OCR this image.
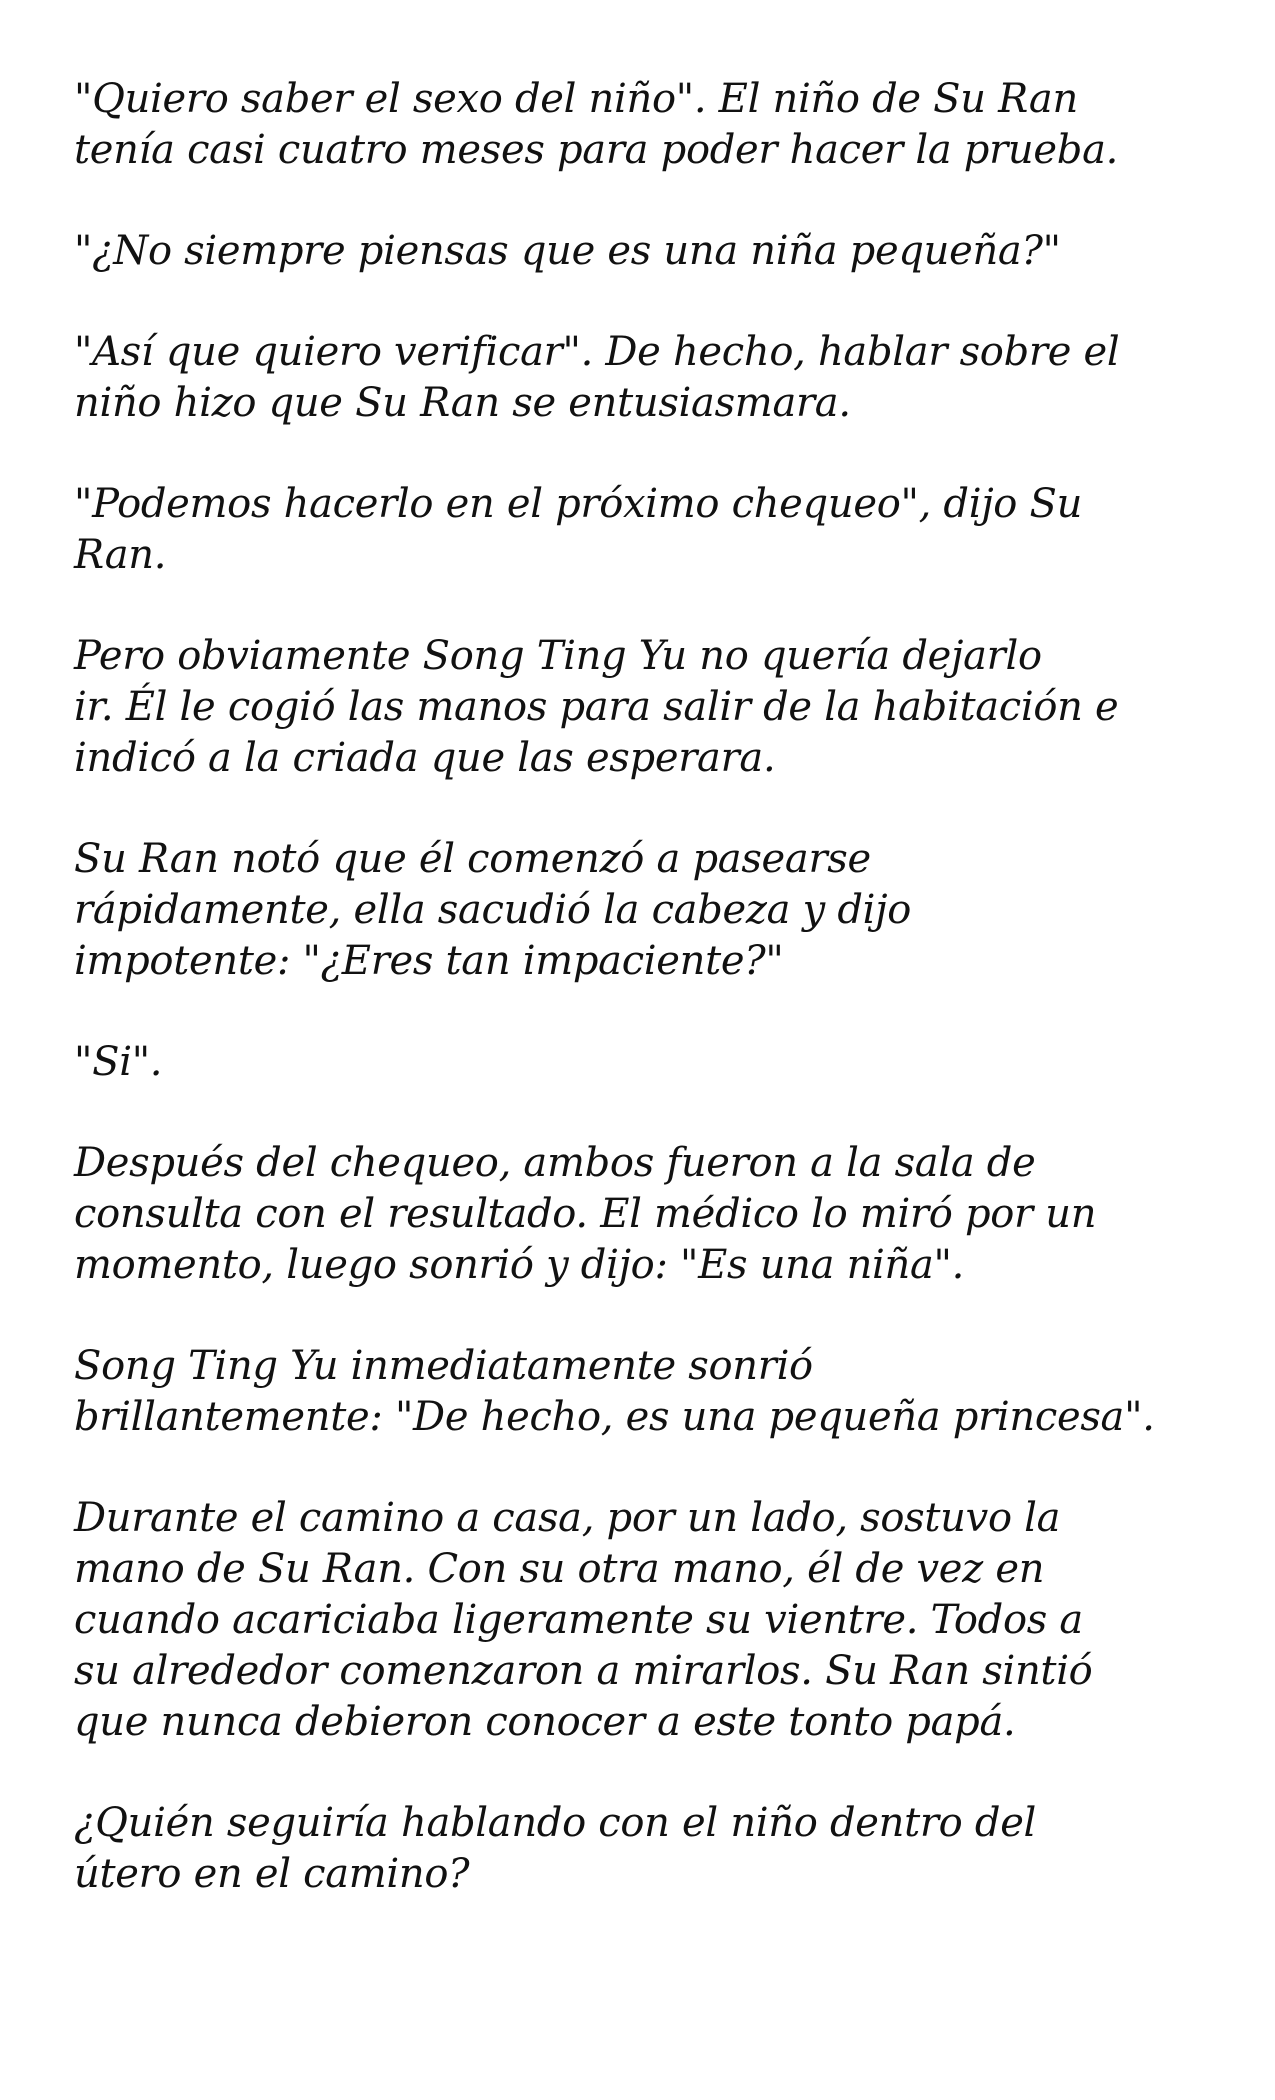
"Quiero saber el sexo del niño". El niño de Su Ran
tenía casi cuatro meses para poder hacer la prueba.

"¿No siempre piensas que es una niña pequeña?"

"Así que quiero verificar". De hecho, hablar sobre el
niño hizo que Su Ran se entusiasmara.

"Podemos hacerlo en el próximo chequeo", dijo Su
Ran.

Pero obviamente Song Ting Yu no quería dejarlo
ir. Él le cogió las manos para salir de la habitación e
indicó a la criada que las esperara.

Su Ran notó que él comenzó a pasearse
rápidamente, ella sacudió la cabeza y dijo
impotente: "¿Eres tan impaciente?"

"Si".

Después del chequeo, ambos fueron a la sala de
consulta con el resultado. El médico lo miró por un
momento, luego sonrió y dijo: "Es una niña".

Song Ting Yu inmediatamente sonrió
brillantemente: "De hecho, es una pequeña princesa".

Durante el camino a casa, por un lado, sostuvo la
mano de Su Ran. Con su otra mano, él de vez en
cuando acariciaba ligeramente su vientre. Todos a
su alrededor comenzaron a mirarlos. Su Ran sintió
que nunca debieron conocer a este tonto papá.

¿Quién seguiría hablando con el niño dentro del
útero en el camino?
